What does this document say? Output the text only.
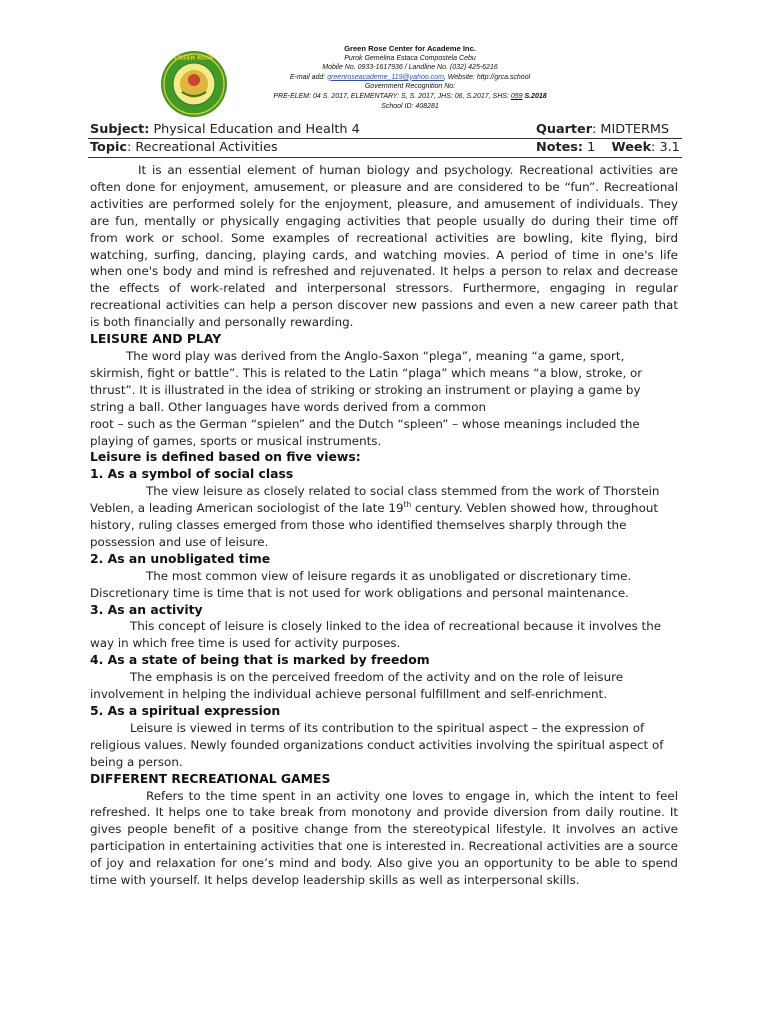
GREEN ROSE
Green Rose Center for Academe Inc.
Purok Gemelina Estaca Compostela Cebu
Mobile No. 0933-1617936 / Landline No. (032) 425-6216
E-mail add: greenroseacademe_119@yahoo.com, Website: http://grca.school
Government Recognition No:
PRE-ELEM: 04 S. 2017, ELEMENTARY: S, S. 2017, JHS: 06, S.2017, SHS: 059 S.2018
School ID: 408281
Subject: Physical Education and Health 4	Quarter: MIDTERMS
Topic: Recreational Activities	Notes: 1 Week: 3.1

It is an essential element of human biology and psychology. Recreational activities are often done for enjoyment, amusement, or pleasure and are considered to be “fun”. Recreational activities are performed solely for the enjoyment, pleasure, and amusement of individuals. They are fun, mentally or physically engaging activities that people usually do during their time off from work or school. Some examples of recreational activities are bowling, kite flying, bird watching, surfing, dancing, playing cards, and watching movies. A period of time in one's life when one's body and mind is refreshed and rejuvenated. It helps a person to relax and decrease the effects of work-related and interpersonal stressors. Furthermore, engaging in regular recreational activities can help a person discover new passions and even a new career path that is both financially and personally rewarding.

LEISURE AND PLAY

The word play was derived from the Anglo-Saxon “plega”, meaning “a game, sport, skirmish, fight or battle”. This is related to the Latin “plaga” which means “a blow, stroke, or thrust”. It is illustrated in the idea of striking or stroking an instrument or playing a game by string a ball. Other languages have words derived from a common

root – such as the German “spielen” and the Dutch “spleen” – whose meanings included the playing of games, sports or musical instruments.

Leisure is defined based on five views:

1. As a symbol of social class

The view leisure as closely related to social class stemmed from the work of Thorstein Veblen, a leading American sociologist of the late 19th century. Veblen showed how, throughout history, ruling classes emerged from those who identified themselves sharply through the possession and use of leisure.

2. As an unobligated time

The most common view of leisure regards it as unobligated or discretionary time. Discretionary time is time that is not used for work obligations and personal maintenance.

3. As an activity

This concept of leisure is closely linked to the idea of recreational because it involves the way in which free time is used for activity purposes.

4. As a state of being that is marked by freedom

The emphasis is on the perceived freedom of the activity and on the role of leisure involvement in helping the individual achieve personal fulfillment and self-enrichment.

5. As a spiritual expression

Leisure is viewed in terms of its contribution to the spiritual aspect – the expression of religious values. Newly founded organizations conduct activities involving the spiritual aspect of being a person.

DIFFERENT RECREATIONAL GAMES

Refers to the time spent in an activity one loves to engage in, which the intent to feel refreshed. It helps one to take break from monotony and provide diversion from daily routine. It gives people benefit of a positive change from the stereotypical lifestyle. It involves an active participation in entertaining activities that one is interested in. Recreational activities are a source of joy and relaxation for one’s mind and body. Also give you an opportunity to be able to spend time with yourself. It helps develop leadership skills as well as interpersonal skills.
